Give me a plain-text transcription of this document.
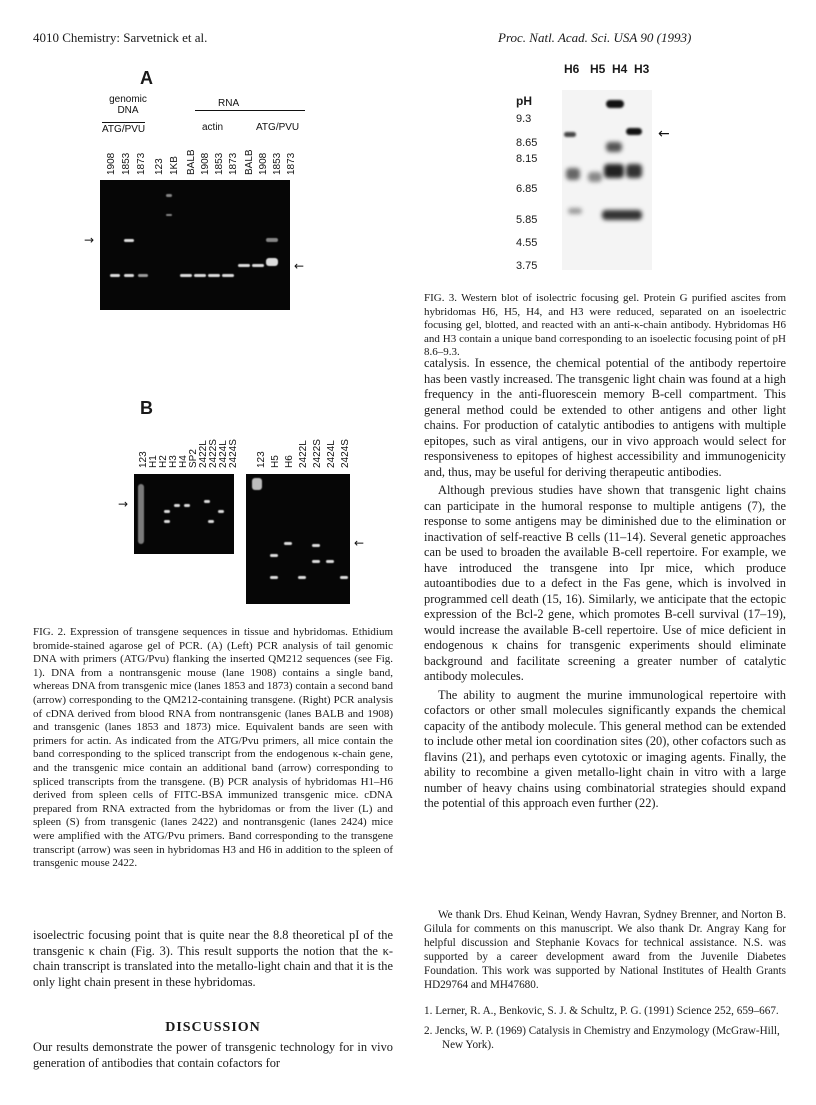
4010 Chemistry: Sarvetnick et al.	Proc. Natl. Acad. Sci. USA 90 (1993)
A
genomic DNA
RNA
ATG/PVU	actin	ATG/PVU
1908 1853 1873 123 1KB BALB 1908 1853 1873 BALB 1908 1853 1873
→
←
B
123 H1 H2 H3 H4 SP2 2422L 2422S 2424L 2424S
→
123 H5 H6 2422L 2422S 2424L 2424S
←
FIG. 2. Expression of transgene sequences in tissue and hybridomas. Ethidium bromide-stained agarose gel of PCR. (A) (Left) PCR analysis of tail genomic DNA with primers (ATG/Pvu) flanking the inserted QM212 sequences (see Fig. 1). DNA from a nontransgenic mouse (lane 1908) contains a single band, whereas DNA from transgenic mice (lanes 1853 and 1873) contain a second band (arrow) corresponding to the QM212-containing transgene. (Right) PCR analysis of cDNA derived from blood RNA from nontransgenic (lanes BALB and 1908) and transgenic (lanes 1853 and 1873) mice. Equivalent bands are seen with primers for actin. As indicated from the ATG/Pvu primers, all mice contain the band corresponding to the spliced transcript from the endogenous κ-chain gene, and the transgenic mice contain an additional band (arrow) corresponding to spliced transcripts from the transgene. (B) PCR analysis of hybridomas H1–H6 derived from spleen cells of FITC-BSA immunized transgenic mice. cDNA prepared from RNA extracted from the hybridomas or from the liver (L) and spleen (S) from transgenic (lanes 2422) and nontransgenic (lanes 2424) mice were amplified with the ATG/Pvu primers. Band corresponding to the transgene transcript (arrow) was seen in hybridomas H3 and H6 in addition to the spleen of transgenic mouse 2422.

isoelectric focusing point that is quite near the 8.8 theoretical pI of the transgenic κ chain (Fig. 3). This result supports the notion that the κ-chain transcript is translated into the metallo-light chain and that it is the only light chain present in these hybridomas.

DISCUSSION

Our results demonstrate the power of transgenic technology for in vivo generation of antibodies that contain cofactors for

H6 H5 H4 H3
pH
9.3
8.65
8.15
6.85
5.85
4.55
3.75
←
FIG. 3. Western blot of isolectric focusing gel. Protein G purified ascites from hybridomas H6, H5, H4, and H3 were reduced, separated on an isoelectric focusing gel, blotted, and reacted with an anti-κ-chain antibody. Hybridomas H6 and H3 contain a unique band corresponding to an isoelectic focusing point of pH 8.6–9.3.

catalysis. In essence, the chemical potential of the antibody repertoire has been vastly increased. The transgenic light chain was found at a high frequency in the anti-fluorescein memory B-cell compartment. This general method could be extended to other antigens and other light chains. For production of catalytic antibodies to antigens with multiple epitopes, such as viral antigens, our in vivo approach would select for responsiveness to epitopes of highest accessibility and immunogenicity and, thus, may be useful for deriving therapeutic antibodies.

Although previous studies have shown that transgenic light chains can participate in the humoral response to multiple antigens (7), the response to some antigens may be diminished due to the elimination or inactivation of self-reactive B cells (11–14). Several genetic approaches can be used to broaden the available B-cell repertoire. For example, we have introduced the transgene into Ipr mice, which produce autoantibodies due to a defect in the Fas gene, which is involved in programmed cell death (15, 16). Similarly, we anticipate that the ectopic expression of the Bcl-2 gene, which promotes B-cell survival (17–19), would increase the available B-cell repertoire. Use of mice deficient in endogenous κ chains for transgenic experiments should eliminate background and facilitate screening a greater number of catalytic antibody molecules.

The ability to augment the murine immunological repertoire with cofactors or other small molecules significantly expands the chemical capacity of the antibody molecule. This general method can be extended to include other metal ion coordination sites (20), other cofactors such as flavins (21), and perhaps even cytotoxic or imaging agents. Finally, the ability to recombine a given metallo-light chain in vitro with a large number of heavy chains using combinatorial strategies should expand the potential of this approach even further (22).

We thank Drs. Ehud Keinan, Wendy Havran, Sydney Brenner, and Norton B. Gilula for comments on this manuscript. We also thank Dr. Angray Kang for helpful discussion and Stephanie Kovacs for technical assistance. N.S. was supported by a career development award from the Juvenile Diabetes Foundation. This work was supported by National Institutes of Health Grants HD29764 and MH47680.
1. Lerner, R. A., Benkovic, S. J. & Schultz, P. G. (1991) Science 252, 659–667.
2. Jencks, W. P. (1969) Catalysis in Chemistry and Enzymology (McGraw-Hill, New York).
